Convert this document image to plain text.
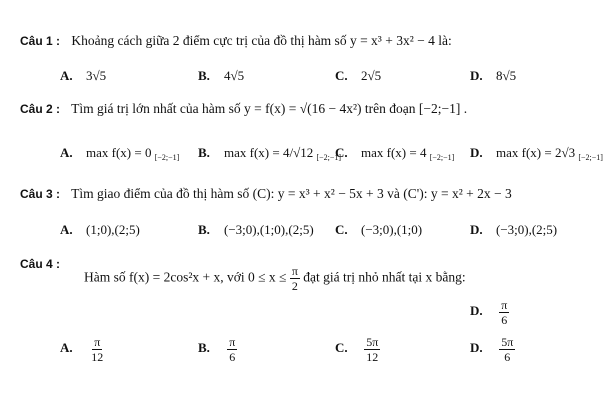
Câu 1 : Khoảng cách giữa 2 điểm cực trị của đồ thị hàm số y = x³ + 3x² − 4 là:
A. 3√5	B. 4√5	C. 2√5	D. 8√5
Câu 2 : Tìm giá trị lớn nhất của hàm số y = f(x) = √(16 − 4x²) trên đoạn [−2;−1] .
A. max f(x) = 0 $_{[-2;-1]}$ B. max f(x) = 4/√12 $_{[-2;-1]}$
C. max f(x) = 4 $_{[-2;-1]}$ D. max f(x) = 2√3 $_{[-2;-1]}$
Câu 3 : Tìm giao điểm của đồ thị hàm số (C): y = x³ + x² − 5x + 3 và (C'): y = x² + 2x − 3
A. (1;0),(2;5)	B. (−3;0),(1;0),(2;5) C. (−3;0),(1;0)	D. (−3;0),(2;5)
Câu 4 :
Hàm số f(x) = 2cos²x + x, với $0 \le x \le \frac{\pi}{2}$ đạt giá trị nhỏ nhất tại x bằng:
D. $\frac{\pi}{6}$
A. $\frac{\pi}{12}$	B. $\frac{\pi}{6}$	C. $\frac{5\pi}{12}$	D. $\frac{5\pi}{6}$
